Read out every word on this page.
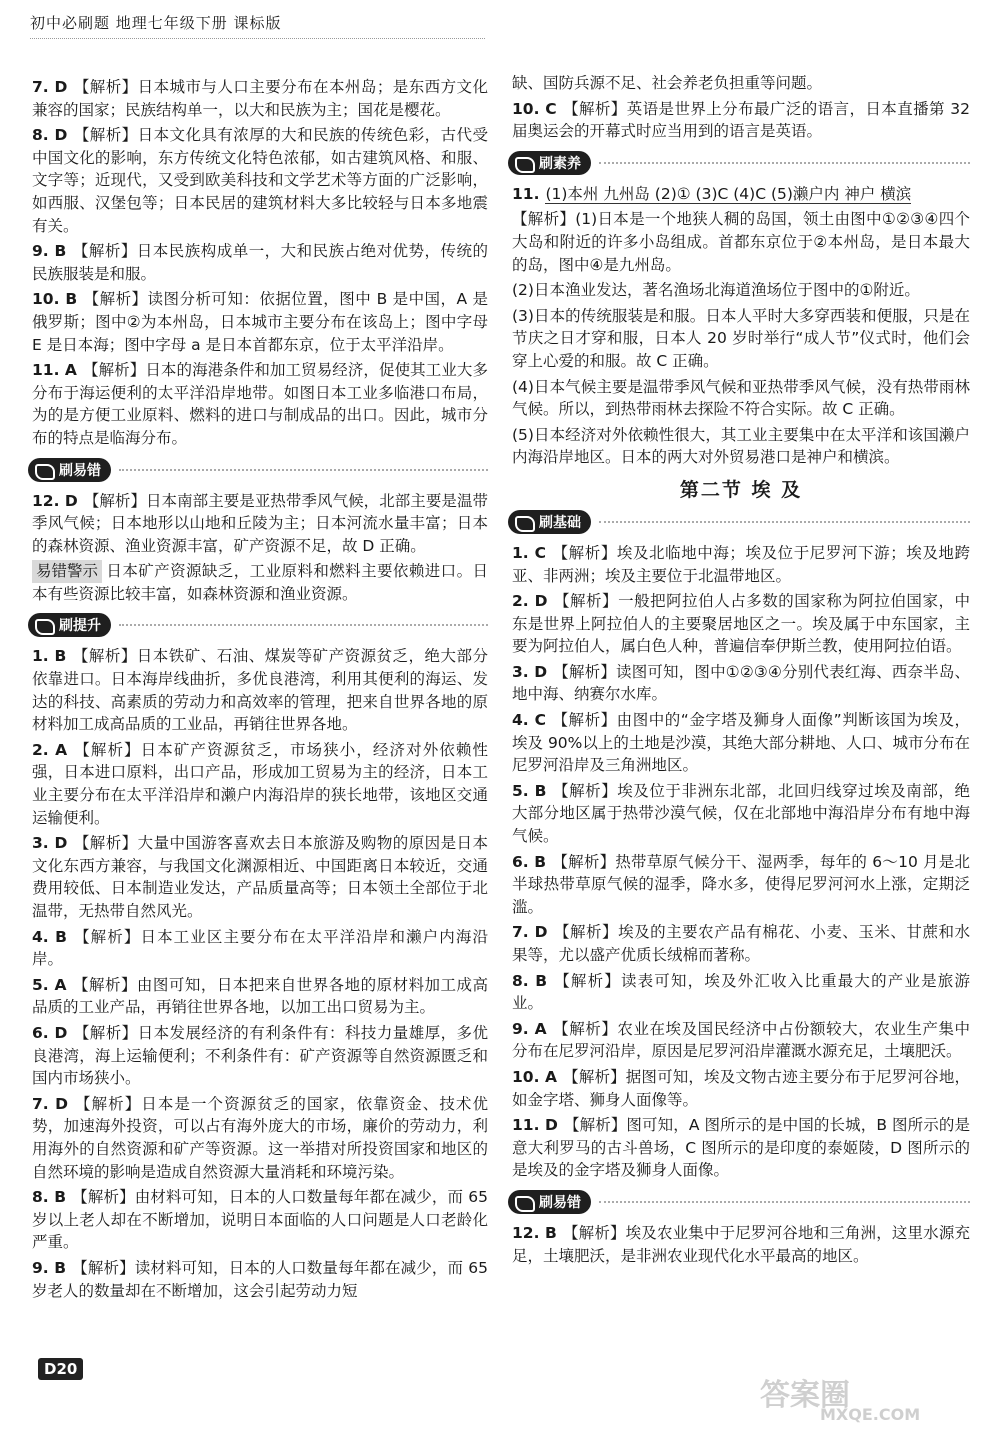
初中必刷题 地理七年级下册 课标版

7. D 【解析】日本城市与人口主要分布在本州岛；是东西方文化兼容的国家；民族结构单一，以大和民族为主；国花是樱花。

8. D 【解析】日本文化具有浓厚的大和民族的传统色彩，古代受中国文化的影响，东方传统文化特色浓郁，如古建筑风格、和服、文字等；近现代，又受到欧美科技和文学艺术等方面的广泛影响，如西服、汉堡包等；日本民居的建筑材料大多比较轻与日本多地震有关。

9. B 【解析】日本民族构成单一，大和民族占绝对优势，传统的民族服装是和服。

10. B 【解析】读图分析可知：依据位置，图中 B 是中国，A 是俄罗斯；图中②为本州岛，日本城市主要分布在该岛上；图中字母 E 是日本海；图中字母 a 是日本首都东京，位于太平洋沿岸。

11. A 【解析】日本的海港条件和加工贸易经济，促使其工业大多分布于海运便利的太平洋沿岸地带。如图日本工业多临港口布局，为的是方便工业原料、燃料的进口与制成品的出口。因此，城市分布的特点是临海分布。

刷易错

12. D 【解析】日本南部主要是亚热带季风气候，北部主要是温带季风气候；日本地形以山地和丘陵为主；日本河流水量丰富；日本的森林资源、渔业资源丰富，矿产资源不足，故 D 正确。

易错警示 日本矿产资源缺乏，工业原料和燃料主要依赖进口。日本有些资源比较丰富，如森林资源和渔业资源。

刷提升

1. B 【解析】日本铁矿、石油、煤炭等矿产资源贫乏，绝大部分依靠进口。日本海岸线曲折，多优良港湾，利用其便利的海运、发达的科技、高素质的劳动力和高效率的管理，把来自世界各地的原材料加工成高品质的工业品，再销往世界各地。

2. A 【解析】日本矿产资源贫乏，市场狭小，经济对外依赖性强，日本进口原料，出口产品，形成加工贸易为主的经济，日本工业主要分布在太平洋沿岸和濑户内海沿岸的狭长地带，该地区交通运输便利。

3. D 【解析】大量中国游客喜欢去日本旅游及购物的原因是日本文化东西方兼容，与我国文化渊源相近、中国距离日本较近，交通费用较低、日本制造业发达，产品质量高等；日本领土全部位于北温带，无热带自然风光。

4. B 【解析】日本工业区主要分布在太平洋沿岸和濑户内海沿岸。

5. A 【解析】由图可知，日本把来自世界各地的原材料加工成高品质的工业产品，再销往世界各地，以加工出口贸易为主。

6. D 【解析】日本发展经济的有利条件有：科技力量雄厚，多优良港湾，海上运输便利；不利条件有：矿产资源等自然资源匮乏和国内市场狭小。

7. D 【解析】日本是一个资源贫乏的国家，依靠资金、技术优势，加速海外投资，可以占有海外庞大的市场，廉价的劳动力，利用海外的自然资源和矿产等资源。这一举措对所投资国家和地区的自然环境的影响是造成自然资源大量消耗和环境污染。

8. B 【解析】由材料可知，日本的人口数量每年都在减少，而 65 岁以上老人却在不断增加，说明日本面临的人口问题是人口老龄化严重。

9. B 【解析】读材料可知，日本的人口数量每年都在减少，而 65 岁老人的数量却在不断增加，这会引起劳动力短

缺、国防兵源不足、社会养老负担重等问题。

10. C 【解析】英语是世界上分布最广泛的语言，日本直播第 32 届奥运会的开幕式时应当用到的语言是英语。

刷素养

11. (1)本州 九州岛 (2)① (3)C (4)C (5)濑户内 神户 横滨

【解析】(1)日本是一个地狭人稠的岛国，领土由图中①②③④四个大岛和附近的许多小岛组成。首都东京位于②本州岛，是日本最大的岛，图中④是九州岛。

(2)日本渔业发达，著名渔场北海道渔场位于图中的①附近。

(3)日本的传统服装是和服。日本人平时大多穿西装和便服，只是在节庆之日才穿和服，日本人 20 岁时举行“成人节”仪式时，他们会穿上心爱的和服。故 C 正确。

(4)日本气候主要是温带季风气候和亚热带季风气候，没有热带雨林气候。所以，到热带雨林去探险不符合实际。故 C 正确。

(5)日本经济对外依赖性很大，其工业主要集中在太平洋和该国濑户内海沿岸地区。日本的两大对外贸易港口是神户和横滨。

第二节 埃 及
刷基础

1. C 【解析】埃及北临地中海；埃及位于尼罗河下游；埃及地跨亚、非两洲；埃及主要位于北温带地区。

2. D 【解析】一般把阿拉伯人占多数的国家称为阿拉伯国家，中东是世界上阿拉伯人的主要聚居地区之一。埃及属于中东国家，主要为阿拉伯人，属白色人种，普遍信奉伊斯兰教，使用阿拉伯语。

3. D 【解析】读图可知，图中①②③④分别代表红海、西奈半岛、地中海、纳赛尔水库。

4. C 【解析】由图中的“金字塔及狮身人面像”判断该国为埃及，埃及 90%以上的土地是沙漠，其绝大部分耕地、人口、城市分布在尼罗河沿岸及三角洲地区。

5. B 【解析】埃及位于非洲东北部，北回归线穿过埃及南部，绝大部分地区属于热带沙漠气候，仅在北部地中海沿岸分布有地中海气候。

6. B 【解析】热带草原气候分干、湿两季，每年的 6～10 月是北半球热带草原气候的湿季，降水多，使得尼罗河河水上涨，定期泛滥。

7. D 【解析】埃及的主要农产品有棉花、小麦、玉米、甘蔗和水果等，尤以盛产优质长绒棉而著称。

8. B 【解析】读表可知，埃及外汇收入比重最大的产业是旅游业。

9. A 【解析】农业在埃及国民经济中占份额较大，农业生产集中分布在尼罗河沿岸，原因是尼罗河沿岸灌溉水源充足，土壤肥沃。

10. A 【解析】据图可知，埃及文物古迹主要分布于尼罗河谷地，如金字塔、狮身人面像等。

11. D 【解析】图可知，A 图所示的是中国的长城，B 图所示的是意大利罗马的古斗兽场，C 图所示的是印度的泰姬陵，D 图所示的是埃及的金字塔及狮身人面像。

刷易错

12. B 【解析】埃及农业集中于尼罗河谷地和三角洲，这里水源充足，土壤肥沃，是非洲农业现代化水平最高的地区。

D20
答案圈
MXQE.COM
